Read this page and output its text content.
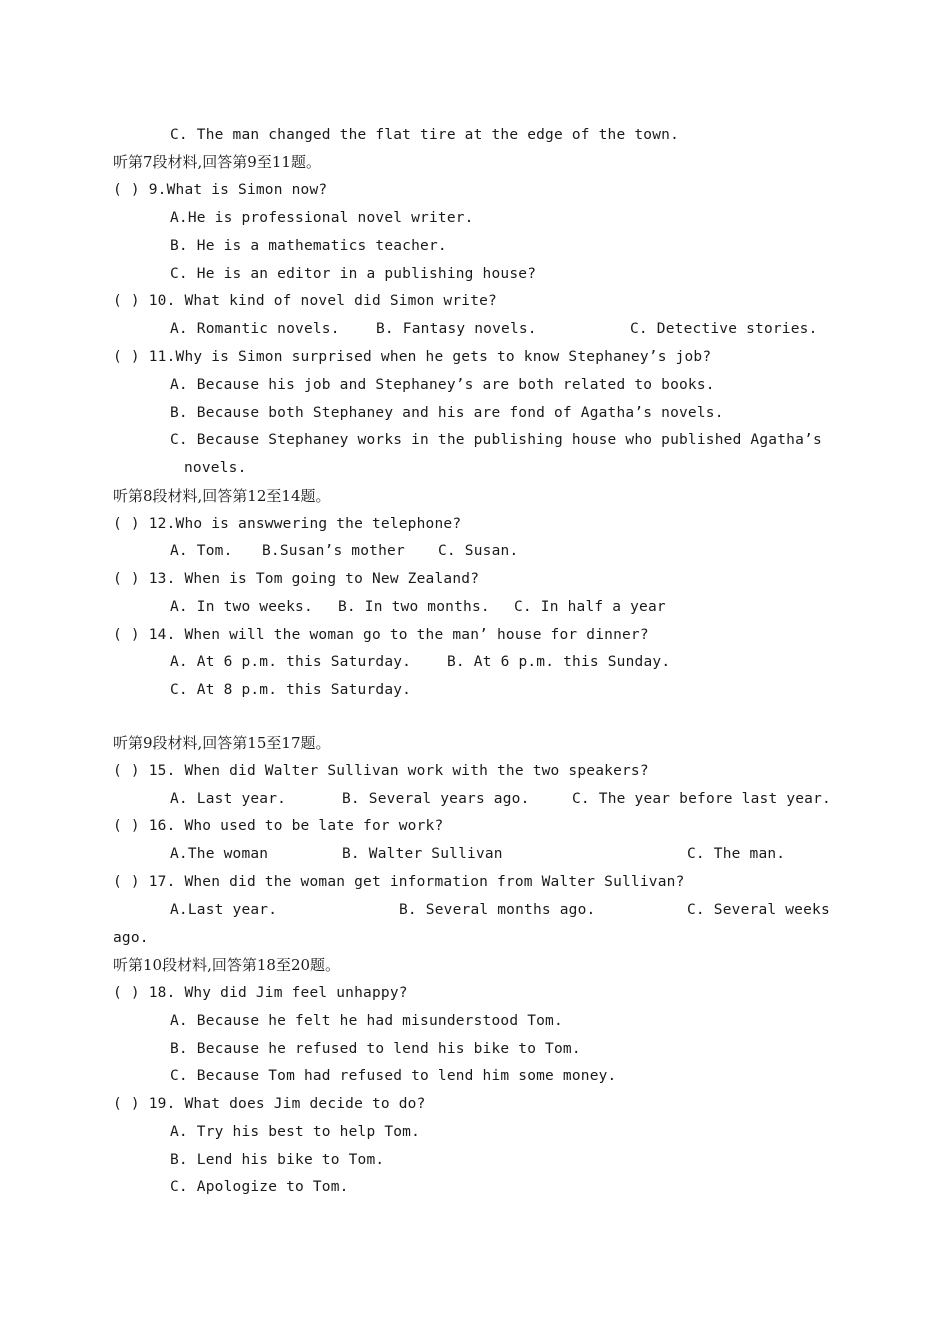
C. The man changed the flat tire at the edge of the town.
听第7段材料,回答第9至11题。
( ) 9.What is Simon now?
A.He is professional novel writer.
B. He is a mathematics teacher.
C. He is an editor in a publishing house?
( ) 10. What kind of novel did Simon write?
A. Romantic novels.	B. Fantasy novels.	C. Detective stories.
( ) 11.Why is Simon surprised when he gets to know Stephaney’s job?
A. Because his job and Stephaney’s are both related to books.
B. Because both Stephaney and his are fond of Agatha’s novels.
C. Because Stephaney works in the publishing house who published Agatha’s
novels.
听第8段材料,回答第12至14题。
( ) 12.Who is answwering the telephone?
A. Tom. B.Susan’s mother C. Susan.
( ) 13. When is Tom going to New Zealand?
A. In two weeks. B. In two months. C. In half a year
( ) 14. When will the woman go to the man’ house for dinner?
A. At 6 p.m. this Saturday. B. At 6 p.m. this Sunday.
C. At 8 p.m. this Saturday.
听第9段材料,回答第15至17题。
( ) 15. When did Walter Sullivan work with the two speakers?
A. Last year.	B. Several years ago.	C. The year before last year.
( ) 16. Who used to be late for work?
A.The woman	B. Walter Sullivan	C. The man.
( ) 17. When did the woman get information from Walter Sullivan?
A.Last year.	B. Several months ago.	C. Several weeks
ago.
听第10段材料,回答第18至20题。
( ) 18. Why did Jim feel unhappy?
A. Because he felt he had misunderstood Tom.
B. Because he refused to lend his bike to Tom.
C. Because Tom had refused to lend him some money.
( ) 19. What does Jim decide to do?
A. Try his best to help Tom.
B. Lend his bike to Tom.
C. Apologize to Tom.
